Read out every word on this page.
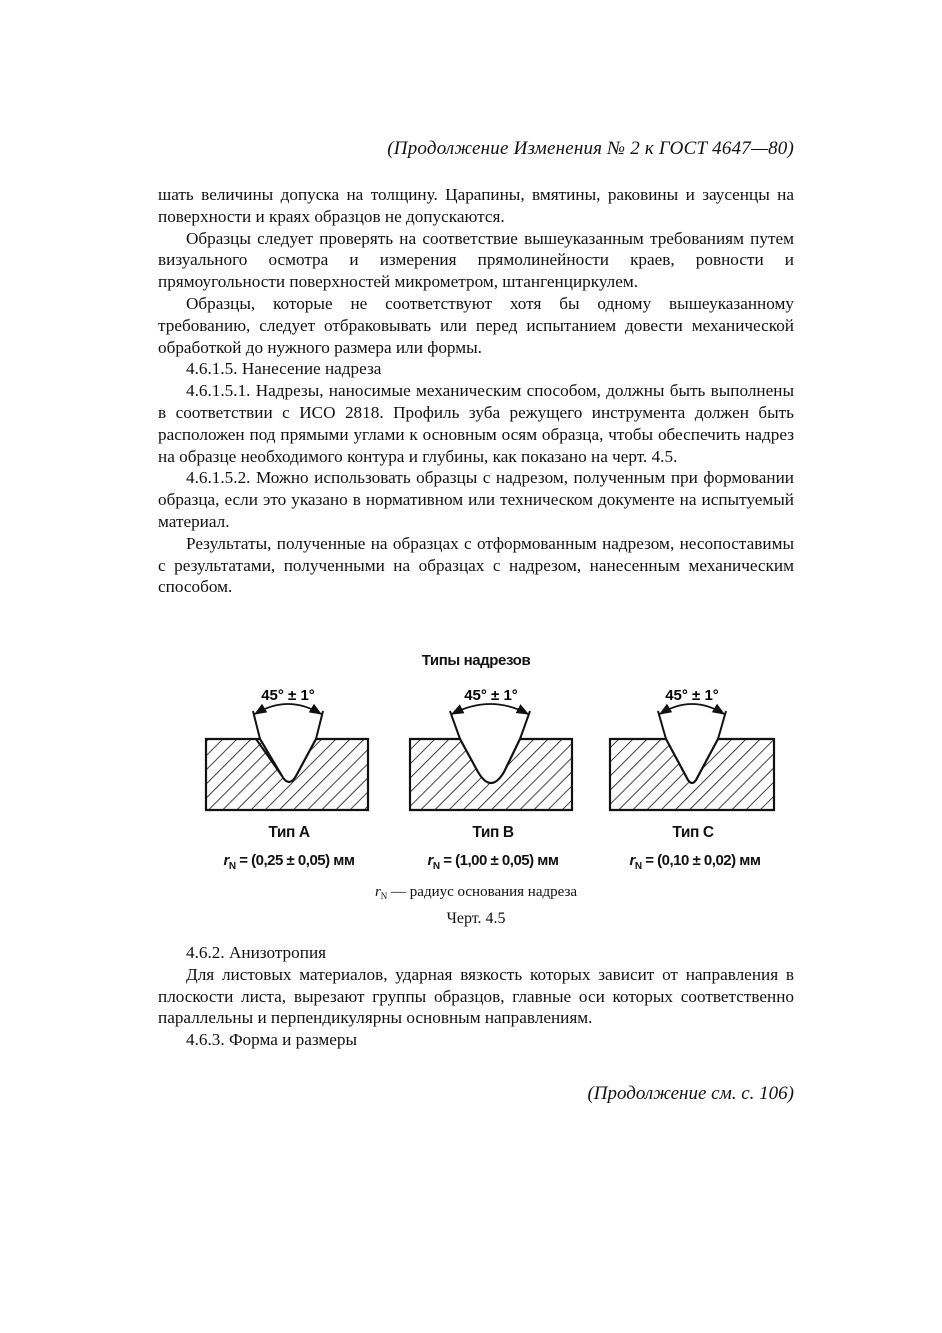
(Продолжение Изменения № 2 к ГОСТ 4647—80)

шать величины допуска на толщину. Царапины, вмятины, раковины и заусенцы на поверхности и краях образцов не допускаются.

Образцы следует проверять на соответствие вышеуказанным требованиям путем визуального осмотра и измерения прямолинейности краев, ровности и прямоугольности поверхностей микрометром, штангенциркулем.

Образцы, которые не соответствуют хотя бы одному вышеуказанному требованию, следует отбраковывать или перед испытанием довести механической обработкой до нужного размера или формы.

4.6.1.5. Нанесение надреза

4.6.1.5.1. Надрезы, наносимые механическим способом, должны быть выполнены в соответствии с ИСО 2818. Профиль зуба режущего инструмента должен быть расположен под прямыми углами к основным осям образца, чтобы обеспечить надрез на образце необходимого контура и глубины, как показано на черт. 4.5.

4.6.1.5.2. Можно использовать образцы с надрезом, полученным при формовании образца, если это указано в нормативном или техническом документе на испытуемый материал.

Результаты, полученные на образцах с отформованным надрезом, несопоставимы с результатами, полученными на образцах с надрезом, нанесенным механическим способом.

Типы надрезов
45° ± 1°	45° ± 1°	45° ± 1°
Тип А	Тип В	Тип С
$r_N = (0,25 \pm 0,05)$ мм	$r_N = (1,00 \pm 0,05)$ мм	$r_N = (0,10 \pm 0,02)$ мм
$r_N$ — радиус основания надреза
Черт. 4.5

4.6.2. Анизотропия

Для листовых материалов, ударная вязкость которых зависит от направления в плоскости листа, вырезают группы образцов, главные оси которых соответственно параллельны и перпендикулярны основным направлениям.

4.6.3. Форма и размеры

(Продолжение см. с. 106)
